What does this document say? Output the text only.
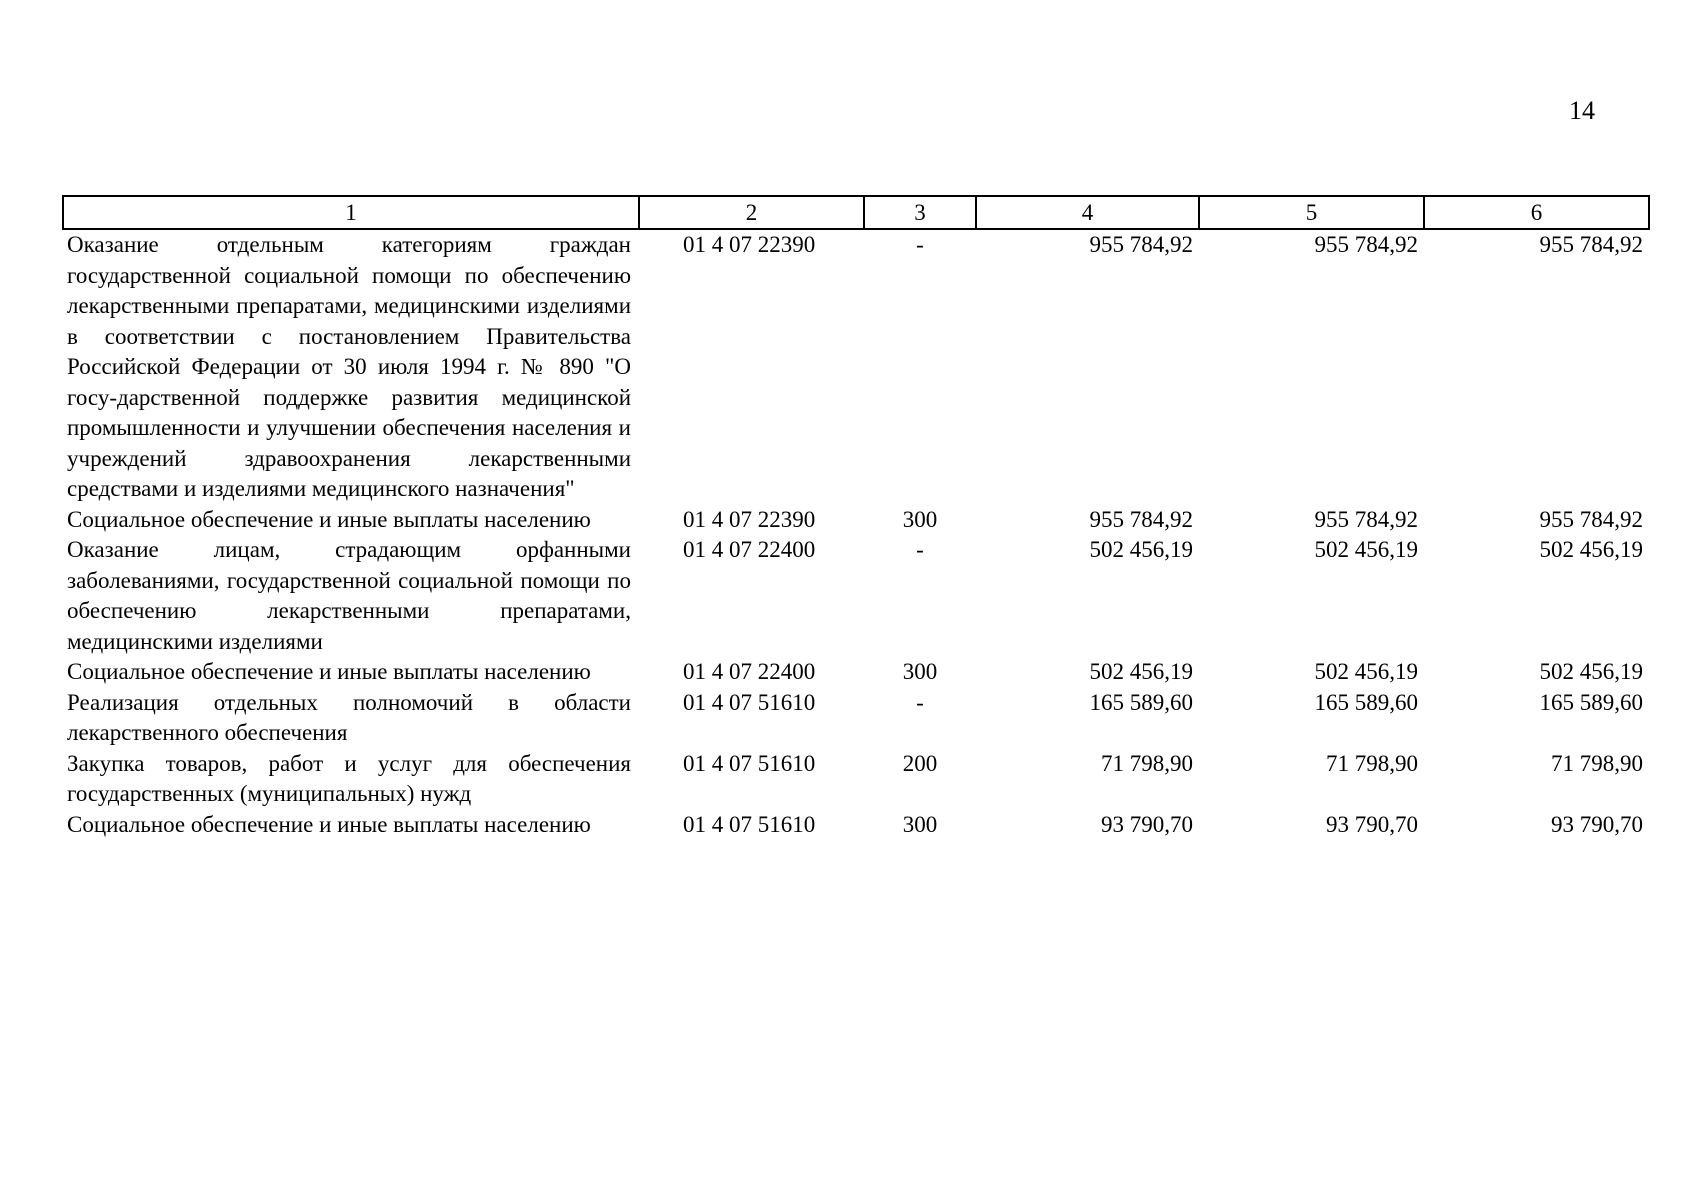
14
1	2	3	4	5	6
Оказание отдельным категориям граждан государственной социальной помощи по обеспечению лекарственными препаратами, медицинскими изделиями в соответствии с постановлением Правительства Российской Федерации от 30 июля 1994 г. № 890 "О госу-дарственной поддержке развития медицинской промышленности и улучшении обеспечения населения и учреждений здравоохранения лекарственными средствами и изделиями медицинского назначения"	01 4 07 22390	-	955 784,92	955 784,92	955 784,92
Социальное обеспечение и иные выплаты населению	01 4 07 22390	300	955 784,92	955 784,92	955 784,92
Оказание лицам, страдающим орфанными заболеваниями, государственной социальной помощи по обеспечению лекарственными препаратами, медицинскими изделиями	01 4 07 22400	-	502 456,19	502 456,19	502 456,19
Социальное обеспечение и иные выплаты населению	01 4 07 22400	300	502 456,19	502 456,19	502 456,19
Реализация отдельных полномочий в области лекарственного обеспечения	01 4 07 51610	-	165 589,60	165 589,60	165 589,60
Закупка товаров, работ и услуг для обеспечения государственных (муниципальных) нужд	01 4 07 51610	200	71 798,90	71 798,90	71 798,90
Социальное обеспечение и иные выплаты населению	01 4 07 51610	300	93 790,70	93 790,70	93 790,70
